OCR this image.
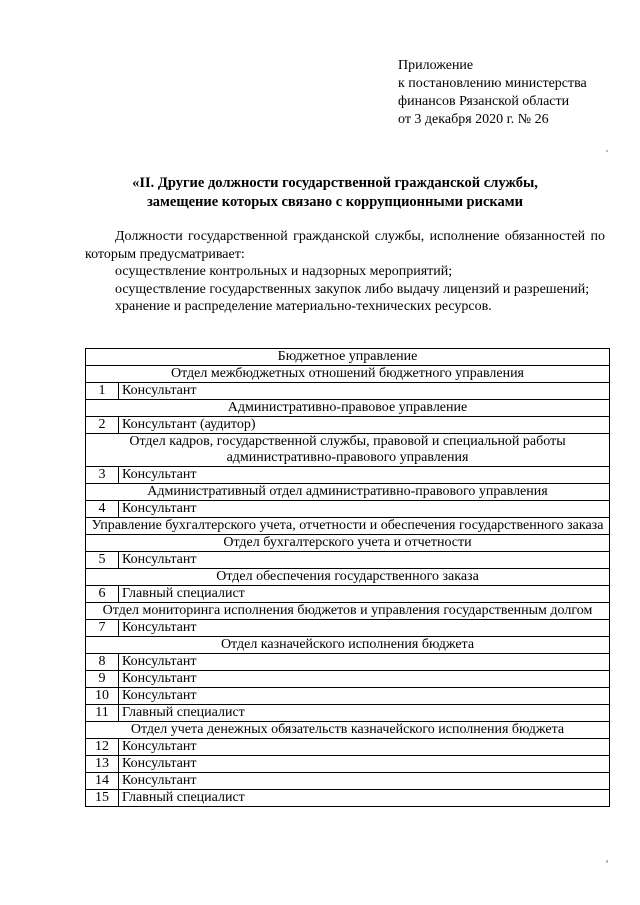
Приложение
к постановлению министерства
финансов Рязанской области
от 3 декабря 2020 г. № 26
«II. Другие должности государственной гражданской службы,
замещение которых связано с коррупционными рисками

Должности государственной гражданской службы, исполнение обязанностей по которым предусматривает:

осуществление контрольных и надзорных мероприятий;

осуществление государственных закупок либо выдачу лицензий и разрешений;

хранение и распределение материально-технических ресурсов.

Бюджетное управление	
Отдел межбюджетных отношений бюджетного управления	
1	Консультант
Административно-правовое управление	
2	Консультант (аудитор)
Отдел кадров, государственной службы, правовой и специальной работы административно-правового управления	
3	Консультант
Административный отдел административно-правового управления	
4	Консультант
Управление бухгалтерского учета, отчетности и обеспечения государственного заказа	
Отдел бухгалтерского учета и отчетности	
5	Консультант
Отдел обеспечения государственного заказа	
6	Главный специалист
Отдел мониторинга исполнения бюджетов и управления государственным долгом	
7	Консультант
Отдел казначейского исполнения бюджета	
8	Консультант
9	Консультант
10	Консультант
11	Главный специалист
Отдел учета денежных обязательств казначейского исполнения бюджета	
12	Консультант
13	Консультант
14	Консультант
15	Главный специалист
